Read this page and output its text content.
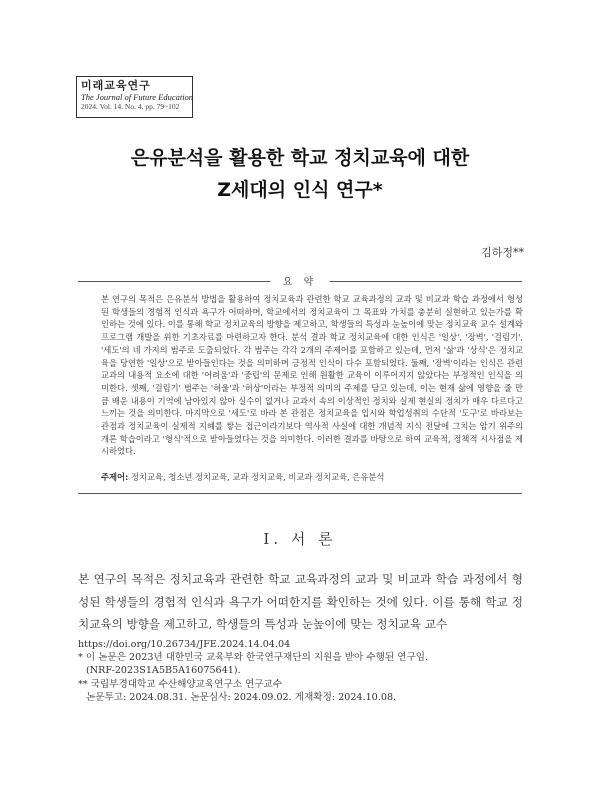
미래교육연구
The Journal of Future Education
2024. Vol. 14, No. 4, pp. 79~102
은유분석을 활용한 학교 정치교육에 대한
Z세대의 인식 연구*
김하정**
요 약
본 연구의 목적은 은유분석 방법을 활용하여 정치교육과 관련한 학교 교육과정의 교과 및 비교과 학습 과정에서 형성된 학생들의 경험적 인식과 욕구가 어떠하며, 학교에서의 정치교육이 그 목표와 가치를 충분히 실현하고 있는가를 확인하는 것에 있다. 이를 통해 학교 정치교육의 방향을 제고하고, 학생들의 특성과 눈높이에 맞는 정치교육 교수 설계와 프로그램 개발을 위한 기초자료를 마련하고자 한다. 분석 결과 학교 정치교육에 대한 인식은 '일상', '장벽', '걸림기', '세도'의 네 가지의 범주로 도출되었다. 각 범주는 각각 2개의 주제어를 포함하고 있는데, 먼저 '삶'과 '상식'은 정치교육을 당연한 '일상'으로 받아들인다는 것을 의미하며 긍정적 인식이 다수 포함되었다. 둘째, '장벽'이라는 인식은 관련 교과의 내용적 요소에 대한 '어려움'과 '중립'의 문제로 인해 원활한 교육이 이루어지지 않았다는 부정적인 인식을 의미한다. 셋째, '걸림기' 범주는 '허울'과 '허상'이라는 부정적 의미의 주제를 담고 있는데, 이는 현재 삶에 영향을 줄 만큼 배운 내용이 기억에 남아있지 않아 실수이 없거나 교과서 속의 이상적인 정치와 실제 현실의 정치가 매우 다르다고 느끼는 것을 의미한다. 마지막으로 '세도'로 바라 본 관점은 정치교육을 입시와 학업성취의 수단적 '도구'로 바라보는 관점과 정치교육이 실제적 지혜를 쌓는 접근이라기보다 역사적 사실에 대한 개념적 지식 전달에 그치는 암기 위주의 개론 학습이라고 '형식'적으로 받아들였다는 것을 의미한다. 이러한 결과를 바탕으로 하여 교육적, 정책적 시사점을 제시하였다.
주제어: 정치교육, 청소년 정치교육, 교과 정치교육, 비교과 정치교육, 은유분석
Ⅰ. 서 론
본 연구의 목적은 정치교육과 관련한 학교 교육과정의 교과 및 비교과 학습 과정에서 형성된 학생들의 경험적 인식과 욕구가 어떠한지를 확인하는 것에 있다. 이를 통해 학교 정치교육의 방향을 제고하고, 학생들의 특성과 눈높이에 맞는 정치교육 교수
https://doi.org/10.26734/JFE.2024.14.04.04
* 이 논문은 2023년 대한민국 교육부와 한국연구재단의 지원을 받아 수행된 연구임.
(NRF-2023S1A5B5A16075641).
** 국립부경대학교 수산해양교육연구소 연구교수
논문투고: 2024.08.31. 논문심사: 2024.09.02. 게재확정: 2024.10.08.
